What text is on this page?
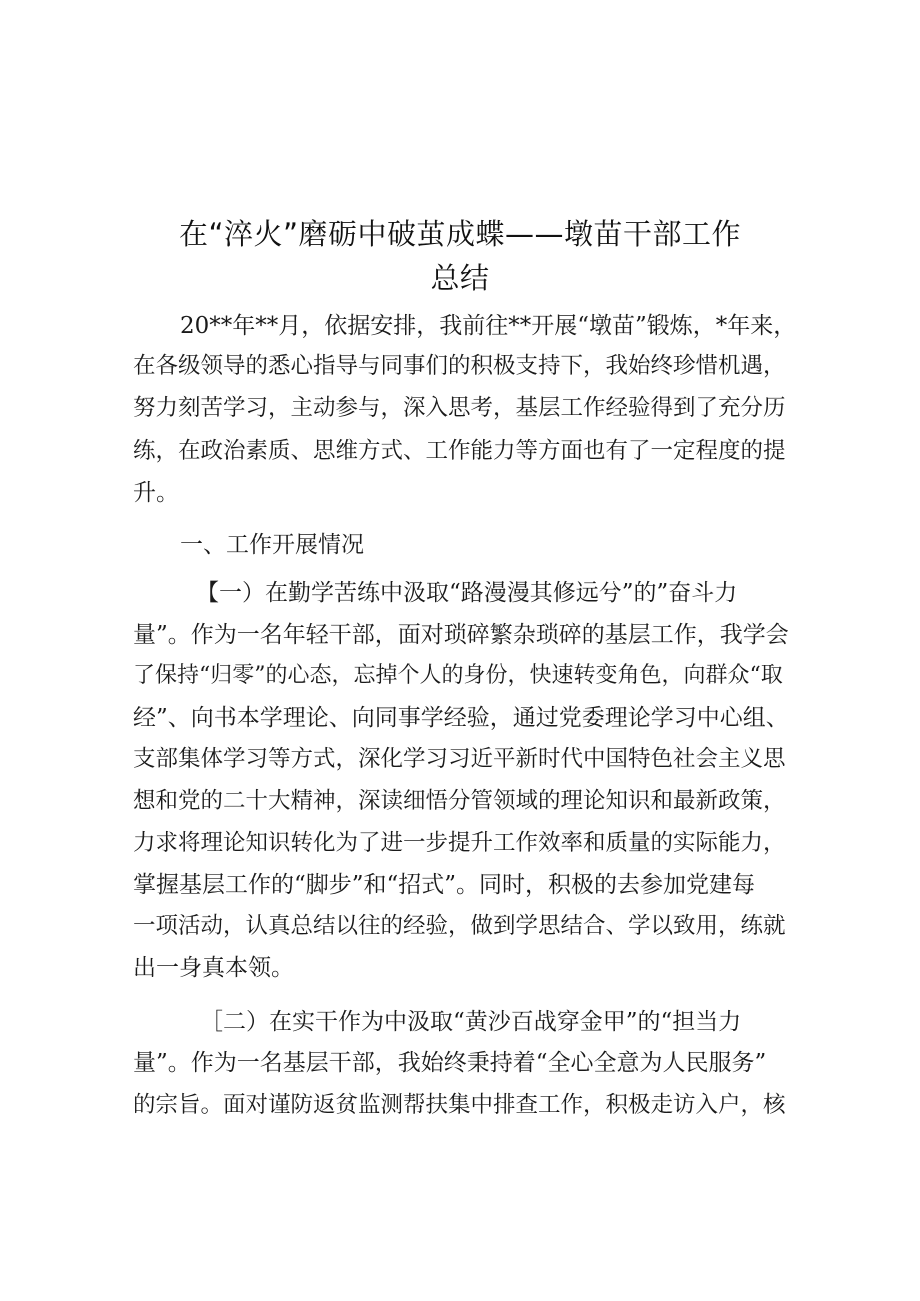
在“淬火”磨砺中破茧成蝶——墩苗干部工作
总结
20**年**月，依据安排，我前往**开展“墩苗”锻炼，*年来，
在各级领导的悉心指导与同事们的积极支持下，我始终珍惜机遇，
努力刻苦学习，主动参与，深入思考，基层工作经验得到了充分历
练，在政治素质、思维方式、工作能力等方面也有了一定程度的提
升。
一、工作开展情况
【一）在勤学苦练中汲取“路漫漫其修远兮”的”奋斗力
量”。作为一名年轻干部，面对琐碎繁杂琐碎的基层工作，我学会
了保持“归零”的心态，忘掉个人的身份，快速转变角色，向群众“取
经”、向书本学理论、向同事学经验，通过党委理论学习中心组、
支部集体学习等方式，深化学习习近平新时代中国特色社会主义思
想和党的二十大精神，深读细悟分管领域的理论知识和最新政策，
力求将理论知识转化为了进一步提升工作效率和质量的实际能力，
掌握基层工作的“脚步”和“招式”。同时，积极的去参加党建每
一项活动，认真总结以往的经验，做到学思结合、学以致用，练就
出一身真本领。
［二）在实干作为中汲取“黄沙百战穿金甲”的“担当力
量”。作为一名基层干部，我始终秉持着“全心全意为人民服务”
的宗旨。面对谨防返贫监测帮扶集中排查工作，积极走访入户，核
